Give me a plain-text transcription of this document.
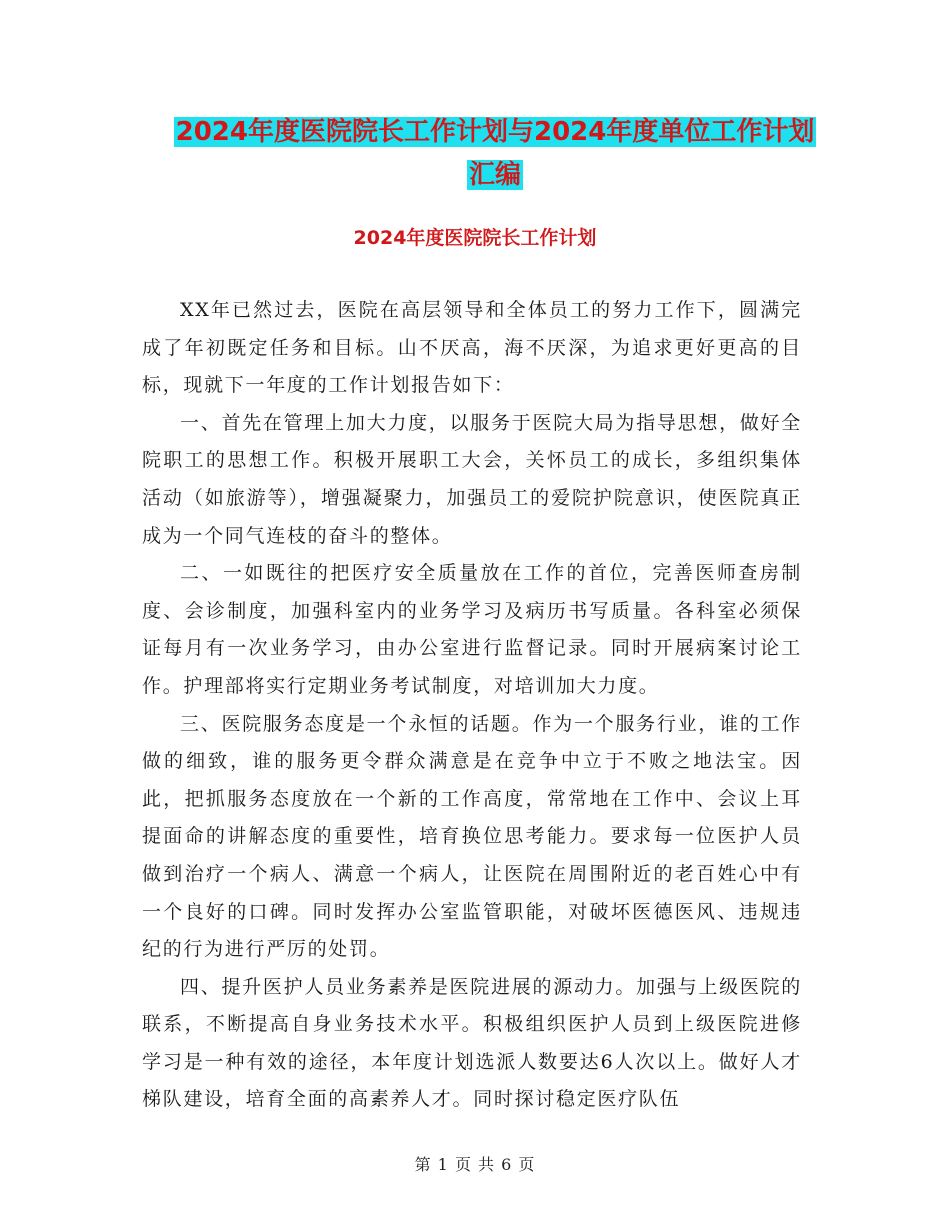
2024年度医院院长工作计划与2024年度单位工作计划
汇编
2024年度医院院长工作计划

XX年已然过去，医院在高层领导和全体员工的努力工作下，圆满完成了年初既定任务和目标。山不厌高，海不厌深，为追求更好更高的目标，现就下一年度的工作计划报告如下：

一、首先在管理上加大力度，以服务于医院大局为指导思想，做好全院职工的思想工作。积极开展职工大会，关怀员工的成长，多组织集体活动（如旅游等），增强凝聚力，加强员工的爱院护院意识，使医院真正成为一个同气连枝的奋斗的整体。

二、一如既往的把医疗安全质量放在工作的首位，完善医师查房制度、会诊制度，加强科室内的业务学习及病历书写质量。各科室必须保证每月有一次业务学习，由办公室进行监督记录。同时开展病案讨论工作。护理部将实行定期业务考试制度，对培训加大力度。

三、医院服务态度是一个永恒的话题。作为一个服务行业，谁的工作做的细致，谁的服务更令群众满意是在竞争中立于不败之地法宝。因此，把抓服务态度放在一个新的工作高度，常常地在工作中、会议上耳提面命的讲解态度的重要性，培育换位思考能力。要求每一位医护人员做到治疗一个病人、满意一个病人，让医院在周围附近的老百姓心中有一个良好的口碑。同时发挥办公室监管职能，对破坏医德医风、违规违纪的行为进行严厉的处罚。

四、提升医护人员业务素养是医院进展的源动力。加强与上级医院的联系，不断提高自身业务技术水平。积极组织医护人员到上级医院进修学习是一种有效的途径，本年度计划选派人数要达6人次以上。做好人才梯队建设，培育全面的高素养人才。同时探讨稳定医疗队伍

第 1 页 共 6 页
